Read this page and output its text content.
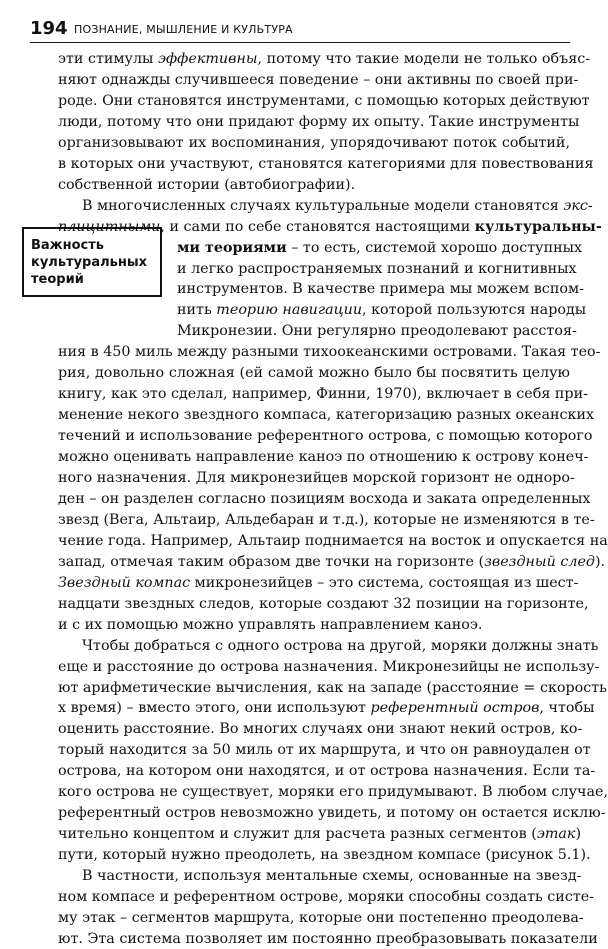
194 ПОЗНАНИЕ, МЫШЛЕНИЕ И КУЛЬТУРА
Важность
культуральных
теорий
эти стимулы эффективны, потому что такие модели не только объяс-
няют однажды случившееся поведение – они активны по своей при-
роде. Они становятся инструментами, с помощью которых действуют
люди, потому что они придают форму их опыту. Такие инструменты
организовывают их воспоминания, упорядочивают поток событий,
в которых они участвуют, становятся категориями для повествования
собственной истории (автобиографии).
В многочисленных случаях культуральные модели становятся экс-
плицитными, и сами по себе становятся настоящими культуральны-
ми теориями – то есть, системой хорошо доступных
и легко распространяемых познаний и когнитивных
инструментов. В качестве примера мы можем вспом-
нить теорию навигации, которой пользуются народы
Микронезии. Они регулярно преодолевают расстоя-
ния в 450 миль между разными тихоокеанскими островами. Такая тео-
рия, довольно сложная (ей самой можно было бы посвятить целую
книгу, как это сделал, например, Финни, 1970), включает в себя при-
менение некого звездного компаса, категоризацию разных океанских
течений и использование референтного острова, с помощью которого
можно оценивать направление каноэ по отношению к острову конеч-
ного назначения. Для микронезийцев морской горизонт не одноро-
ден – он разделен согласно позициям восхода и заката определенных
звезд (Вега, Альтаир, Альдебаран и т.д.), которые не изменяются в те-
чение года. Например, Альтаир поднимается на восток и опускается на
запад, отмечая таким образом две точки на горизонте (звездный след).
Звездный компас микронезийцев – это система, состоящая из шест-
надцати звездных следов, которые создают 32 позиции на горизонте,
и с их помощью можно управлять направлением каноэ.
Чтобы добраться с одного острова на другой, моряки должны знать
еще и расстояние до острова назначения. Микронезийцы не использу-
ют арифметические вычисления, как на западе (расстояние = скорость
х время) – вместо этого, они используют референтный остров, чтобы
оценить расстояние. Во многих случаях они знают некий остров, ко-
торый находится за 50 миль от их маршрута, и что он равноудален от
острова, на котором они находятся, и от острова назначения. Если та-
кого острова не существует, моряки его придумывают. В любом случае,
референтный остров невозможно увидеть, и потому он остается исклю-
чительно концептом и служит для расчета разных сегментов (этак)
пути, который нужно преодолеть, на звездном компасе (рисунок 5.1).
В частности, используя ментальные схемы, основанные на звезд-
ном компасе и референтном острове, моряки способны создать систе-
му этак – сегментов маршрута, которые они постепенно преодолева-
ют. Эта система позволяет им постоянно преобразовывать показатели
